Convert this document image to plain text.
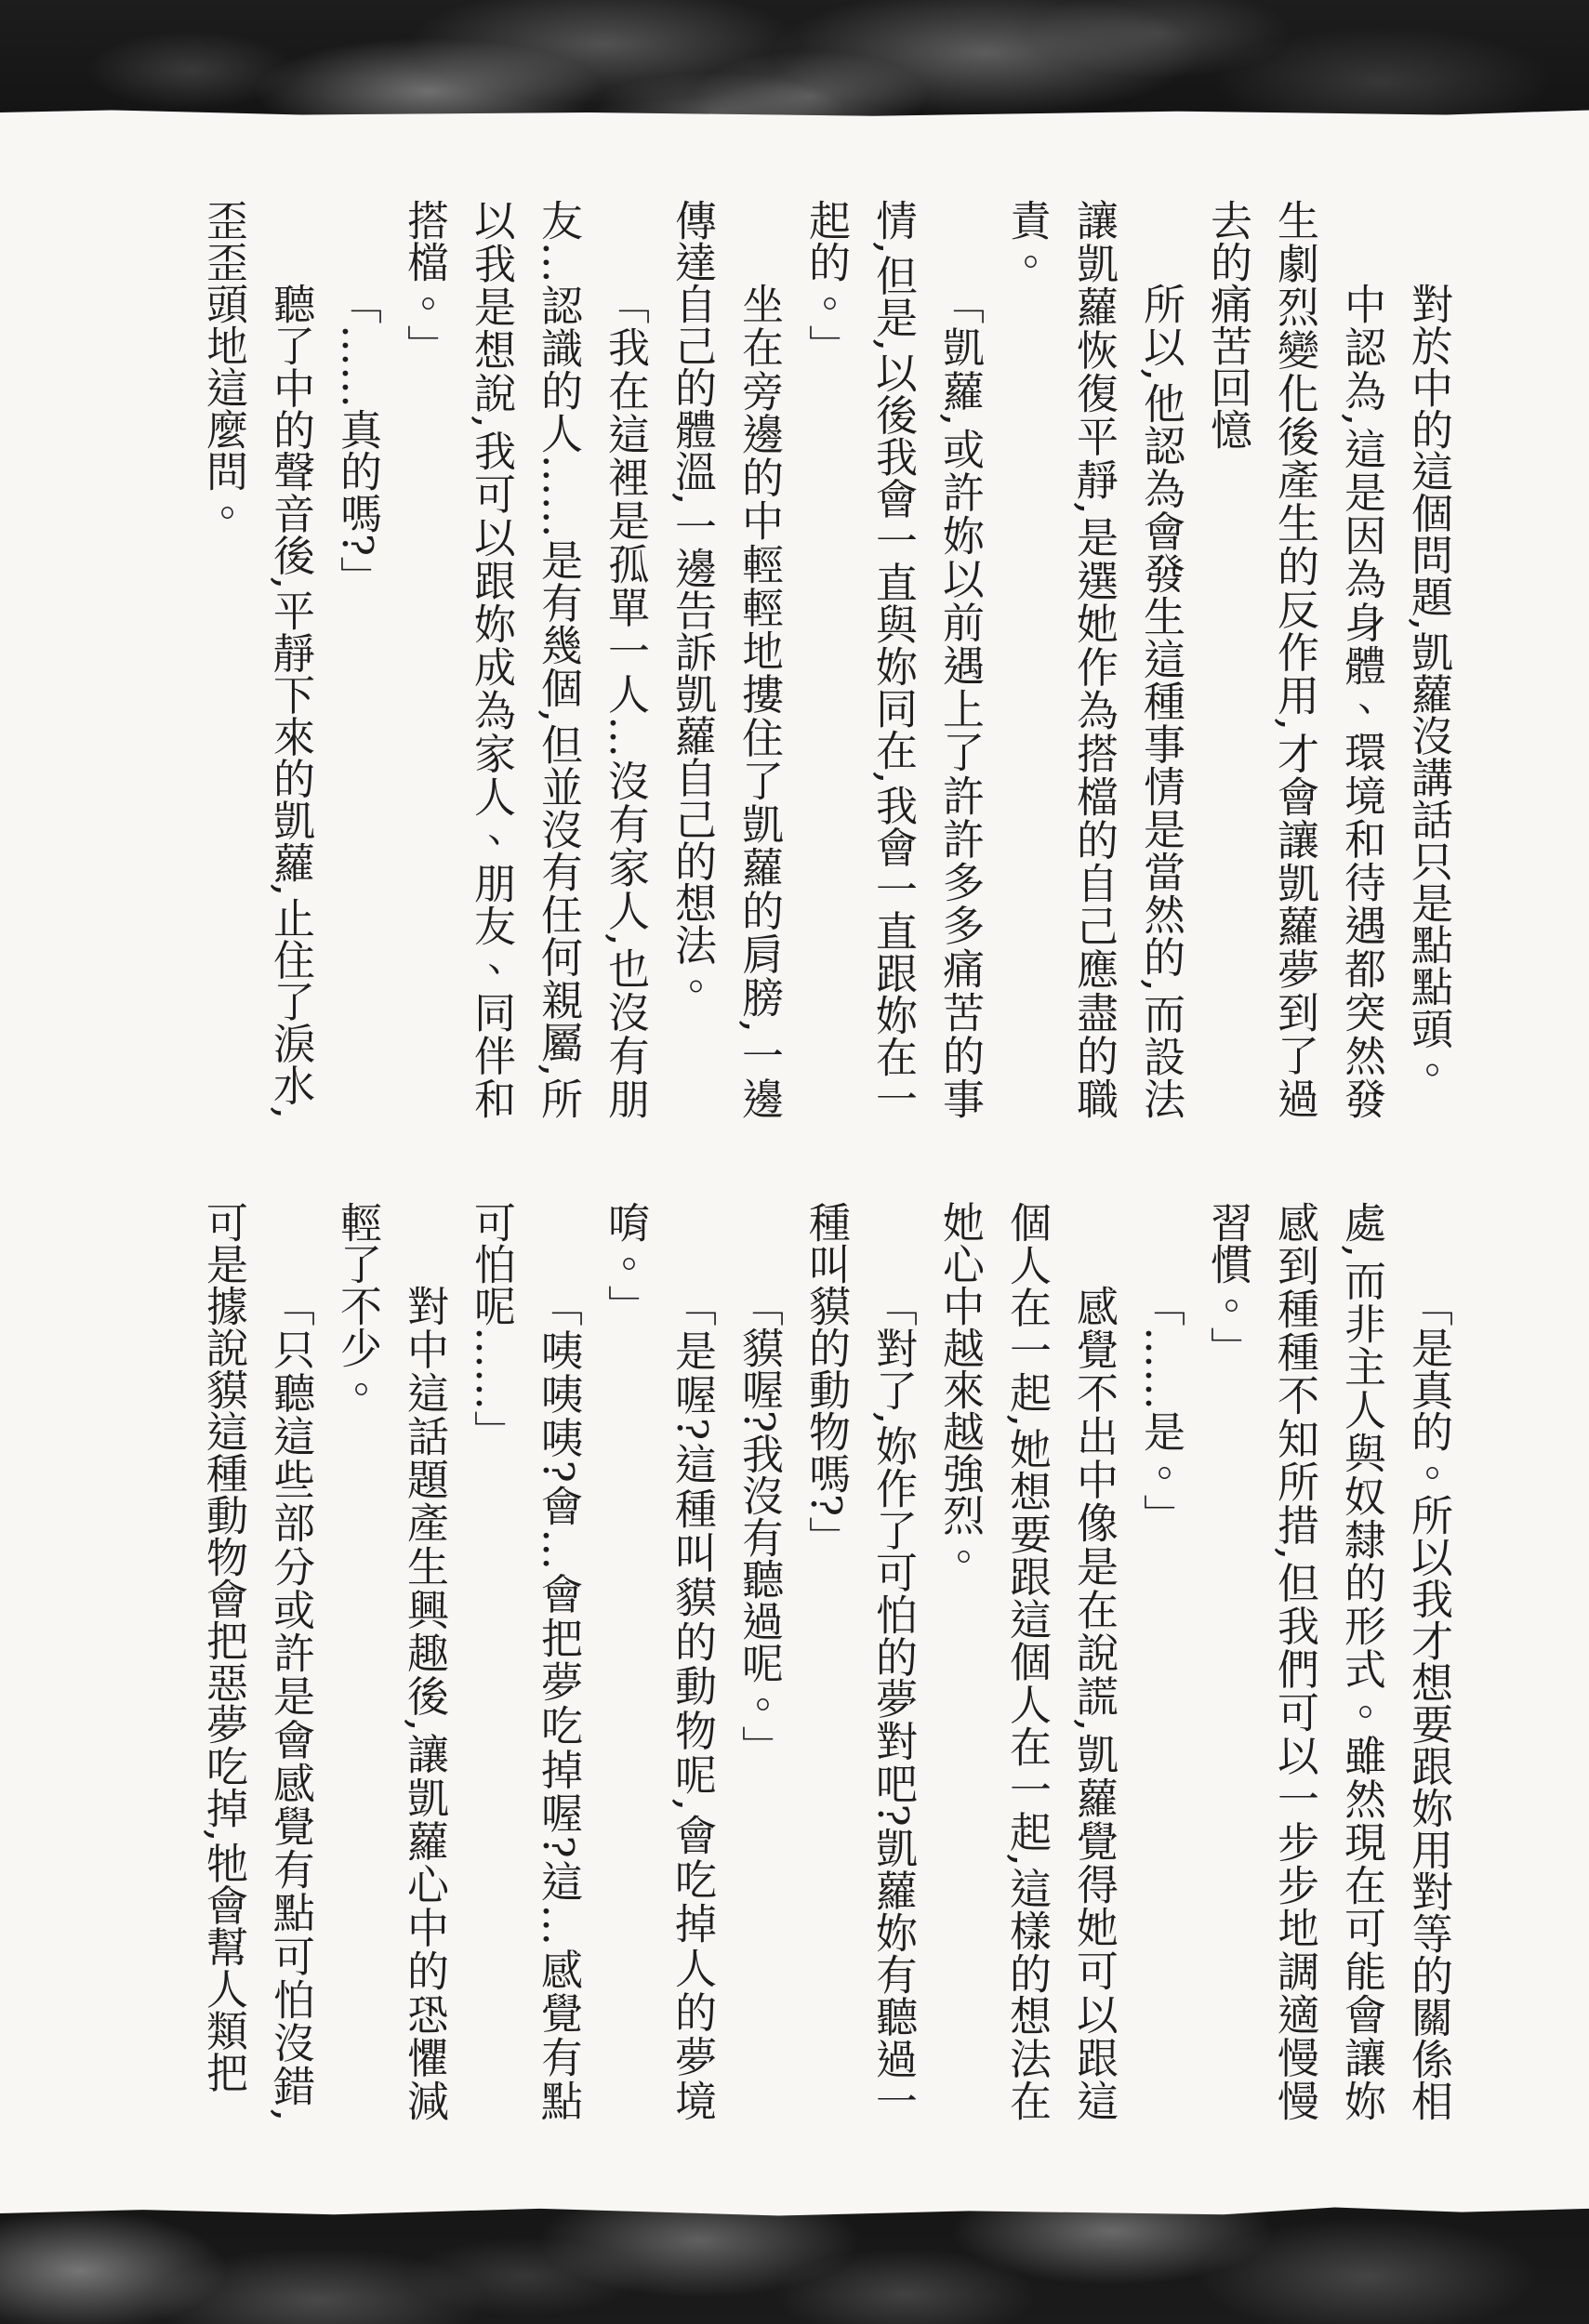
對於中的這個問題,凱蘿沒講話只是點點頭。

中認為,這是因為身體、環境和待遇都突然發生劇烈變化後產生的反作用,才會讓凱蘿夢到了過去的痛苦回憶

所以,他認為會發生這種事情是當然的,而設法讓凱蘿恢復平靜,是選她作為搭檔的自己應盡的職責。

「凱蘿,或許妳以前遇上了許許多多痛苦的事情,但是,以後我會一直與妳同在,我會一直跟妳在一起的。」

坐在旁邊的中輕輕地摟住了凱蘿的肩膀,一邊傳達自己的體溫,一邊告訴凱蘿自己的想法。

「我在這裡是孤單一人…沒有家人,也沒有朋友…認識的人……是有幾個,但並沒有任何親屬,所以我是想說,我可以跟妳成為家人、朋友、同伴和搭檔。」

「……真的嗎?」

聽了中的聲音後,平靜下來的凱蘿,止住了淚水,歪歪頭地這麼問。

「是真的。所以我才想要跟妳用對等的關係相處,而非主人與奴隸的形式。雖然現在可能會讓妳感到種種不知所措,但我們可以一步步地調適慢慢習慣。」

「……是。」

感覺不出中像是在說謊,凱蘿覺得她可以跟這個人在一起,她想要跟這個人在一起,這樣的想法在她心中越來越強烈。

「對了,妳作了可怕的夢對吧?凱蘿妳有聽過一種叫貘的動物嗎?」

「貘喔?我沒有聽過呢。」

「是喔?這種叫貘的動物呢,會吃掉人的夢境唷。」

「咦咦咦?會…會把夢吃掉喔?這…感覺有點可怕呢……」

對中這話題產生興趣後,讓凱蘿心中的恐懼減輕了不少。

「只聽這些部分或許是會感覺有點可怕沒錯,可是據說貘這種動物會把惡夢吃掉,牠會幫人類把
